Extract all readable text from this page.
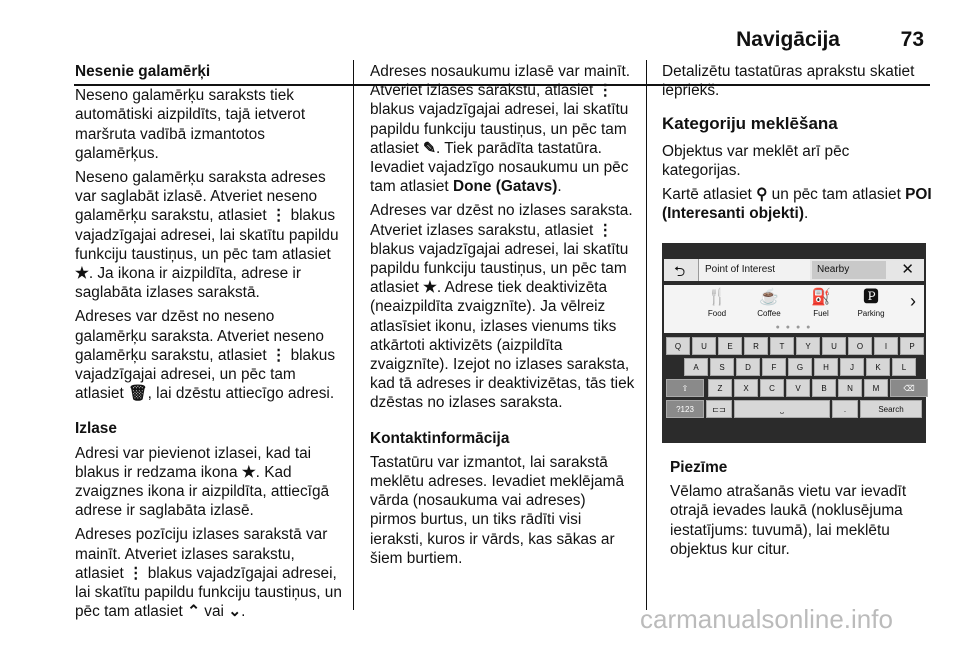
Navigācija	73

Nesenie galamērķi

Neseno galamērķu saraksts tiek automātiski aizpildīts, tajā ietverot maršruta vadībā izmantotos galamērķus.

Neseno galamērķu saraksta adreses var saglabāt izlasē. Atveriet neseno galamērķu sarakstu, atlasiet ⋮ blakus vajadzīgajai adresei, lai skatītu papildu funkciju taustiņus, un pēc tam atlasiet ★. Ja ikona ir aizpildīta, adrese ir saglabāta izlases sarakstā.

Adreses var dzēst no neseno galamērķu saraksta. Atveriet neseno galamērķu sarakstu, atlasiet ⋮ blakus vajadzīgajai adresei, un pēc tam atlasiet 🗑, lai dzēstu attiecīgo adresi.

Izlase

Adresi var pievienot izlasei, kad tai blakus ir redzama ikona ★. Kad zvaigznes ikona ir aizpildīta, attiecīgā adrese ir saglabāta izlasē.

Adreses pozīciju izlases sarakstā var mainīt. Atveriet izlases sarakstu, atlasiet ⋮ blakus vajadzīgajai adresei, lai skatītu papildu funkciju taustiņus, un pēc tam atlasiet ⌃ vai ⌄.

Adreses nosaukumu izlasē var mainīt. Atveriet izlases sarakstu, atlasiet ⋮ blakus vajadzīgajai adresei, lai skatītu papildu funkciju taustiņus, un pēc tam atlasiet ✎. Tiek parādīta tastatūra. Ievadiet vajadzīgo nosaukumu un pēc tam atlasiet Done (Gatavs).

Adreses var dzēst no izlases saraksta. Atveriet izlases sarakstu, atlasiet ⋮ blakus vajadzīgajai adresei, lai skatītu papildu funkciju taustiņus, un pēc tam atlasiet ★. Adrese tiek deaktivizēta (neaizpildīta zvaigznīte). Ja vēlreiz atlasīsiet ikonu, izlases vienums tiks atkārtoti aktivizēts (aizpildīta zvaigznīte). Izejot no izlases saraksta, kad tā adreses ir deaktivizētas, tās tiek dzēstas no izlases saraksta.

Kontaktinformācija

Tastatūru var izmantot, lai sarakstā meklētu adreses. Ievadiet meklējamā vārda (nosaukuma vai adreses) pirmos burtus, un tiks rādīti visi ieraksti, kuros ir vārds, kas sākas ar šiem burtiem.

Detalizētu tastatūras aprakstu skatiet iepriekš.

Kategoriju meklēšana

Objektus var meklēt arī pēc kategorijas.

Kartē atlasiet ⚲ un pēc tam atlasiet POI (Interesanti objekti).

⮌	Point of Interest	Nearby	✕
🍴
Food
☕
Coffee
⛽
Fuel
🅿
Parking
›
● ● ● ●
Q	U	E	R	T	Y	U	O	I	P
A	S	D	F	G	H	J	K	L
⇧	Z	X	C	V	B	N	M	⌫
?123	⊏⊐	⎵	.	Search

Piezīme

Vēlamo atrašanās vietu var ievadīt otrajā ievades laukā (noklusējuma iestatījums: tuvumā), lai meklētu objektus kur citur.

carmanualsonline.info
